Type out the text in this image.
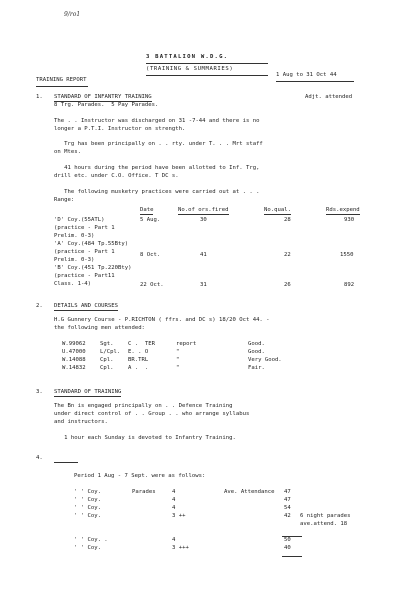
9/ro1
3 BATTALION W.D.G.
(TRAINING & SUMMARIES)
TRAINING REPORT
1 Aug to 31 Oct 44
1. STANDARD OF INFANTRY TRAINING	Adjt. attended
8 Trg. Parades.  5 Pay Parades.
The . . Instructor was discharged on 31 -7-44 and there is no
longer a P.T.I. Instructor on strength.
Trg has been principally on . . rty. under T. . . Mrt staff
on Mtes.
41 hours during the period have been allotted to Inf. Trg,
drill etc. under C.O. Office. T DC s.
The following musketry practices were carried out at . . .
Range:
Date	No.of ors.fired	No.qual.	Rds.expend
'D' Coy.(55ATL)
(practice - Part 1
Prelim. 0-3)
5 Aug.	30	28	930
'A' Coy.(484 Tp.55Bty)
(practice - Part 1
Prelim. 0-3)
8 Oct.	41	22	1550
'B' Coy.(451 Tp.220Bty)
(practice - Part11
Class. 1-4)	22 Oct.	31	26	892
2. DETAILS AND COURSES
H.G Gunnery Course - P.RICHTON ( ffrs. and DC s) 18/20 Oct 44. -
the following men attended:
W.99062	Sgt.	C .  TER	report	Good.
U.47000	L/Cpl. E. . O	"	Good.
W.14088	Cpl.	BR.TRL	"	Very Good.
W.14832	Cpl.	A .  .	"	Fair.
3. STANDARD OF TRAINING
The Bn is engaged principally on . . Defence Training
under direct control of . . Group . . who arrange syllabus
and instructors.
1 hour each Sunday is devoted to Infantry Training.
4.
Period 1 Aug - 7 Sept. were as follows:
' ' Coy.	Parades	4	Ave. Attendance 47
' ' Coy.	4	47
' ' Coy.	4	54
' ' Coy.	3 ++	42 6 night parades
ave.attend. 18
' ' Coy. .	4	50
' ' Coy.	3 +++	40
